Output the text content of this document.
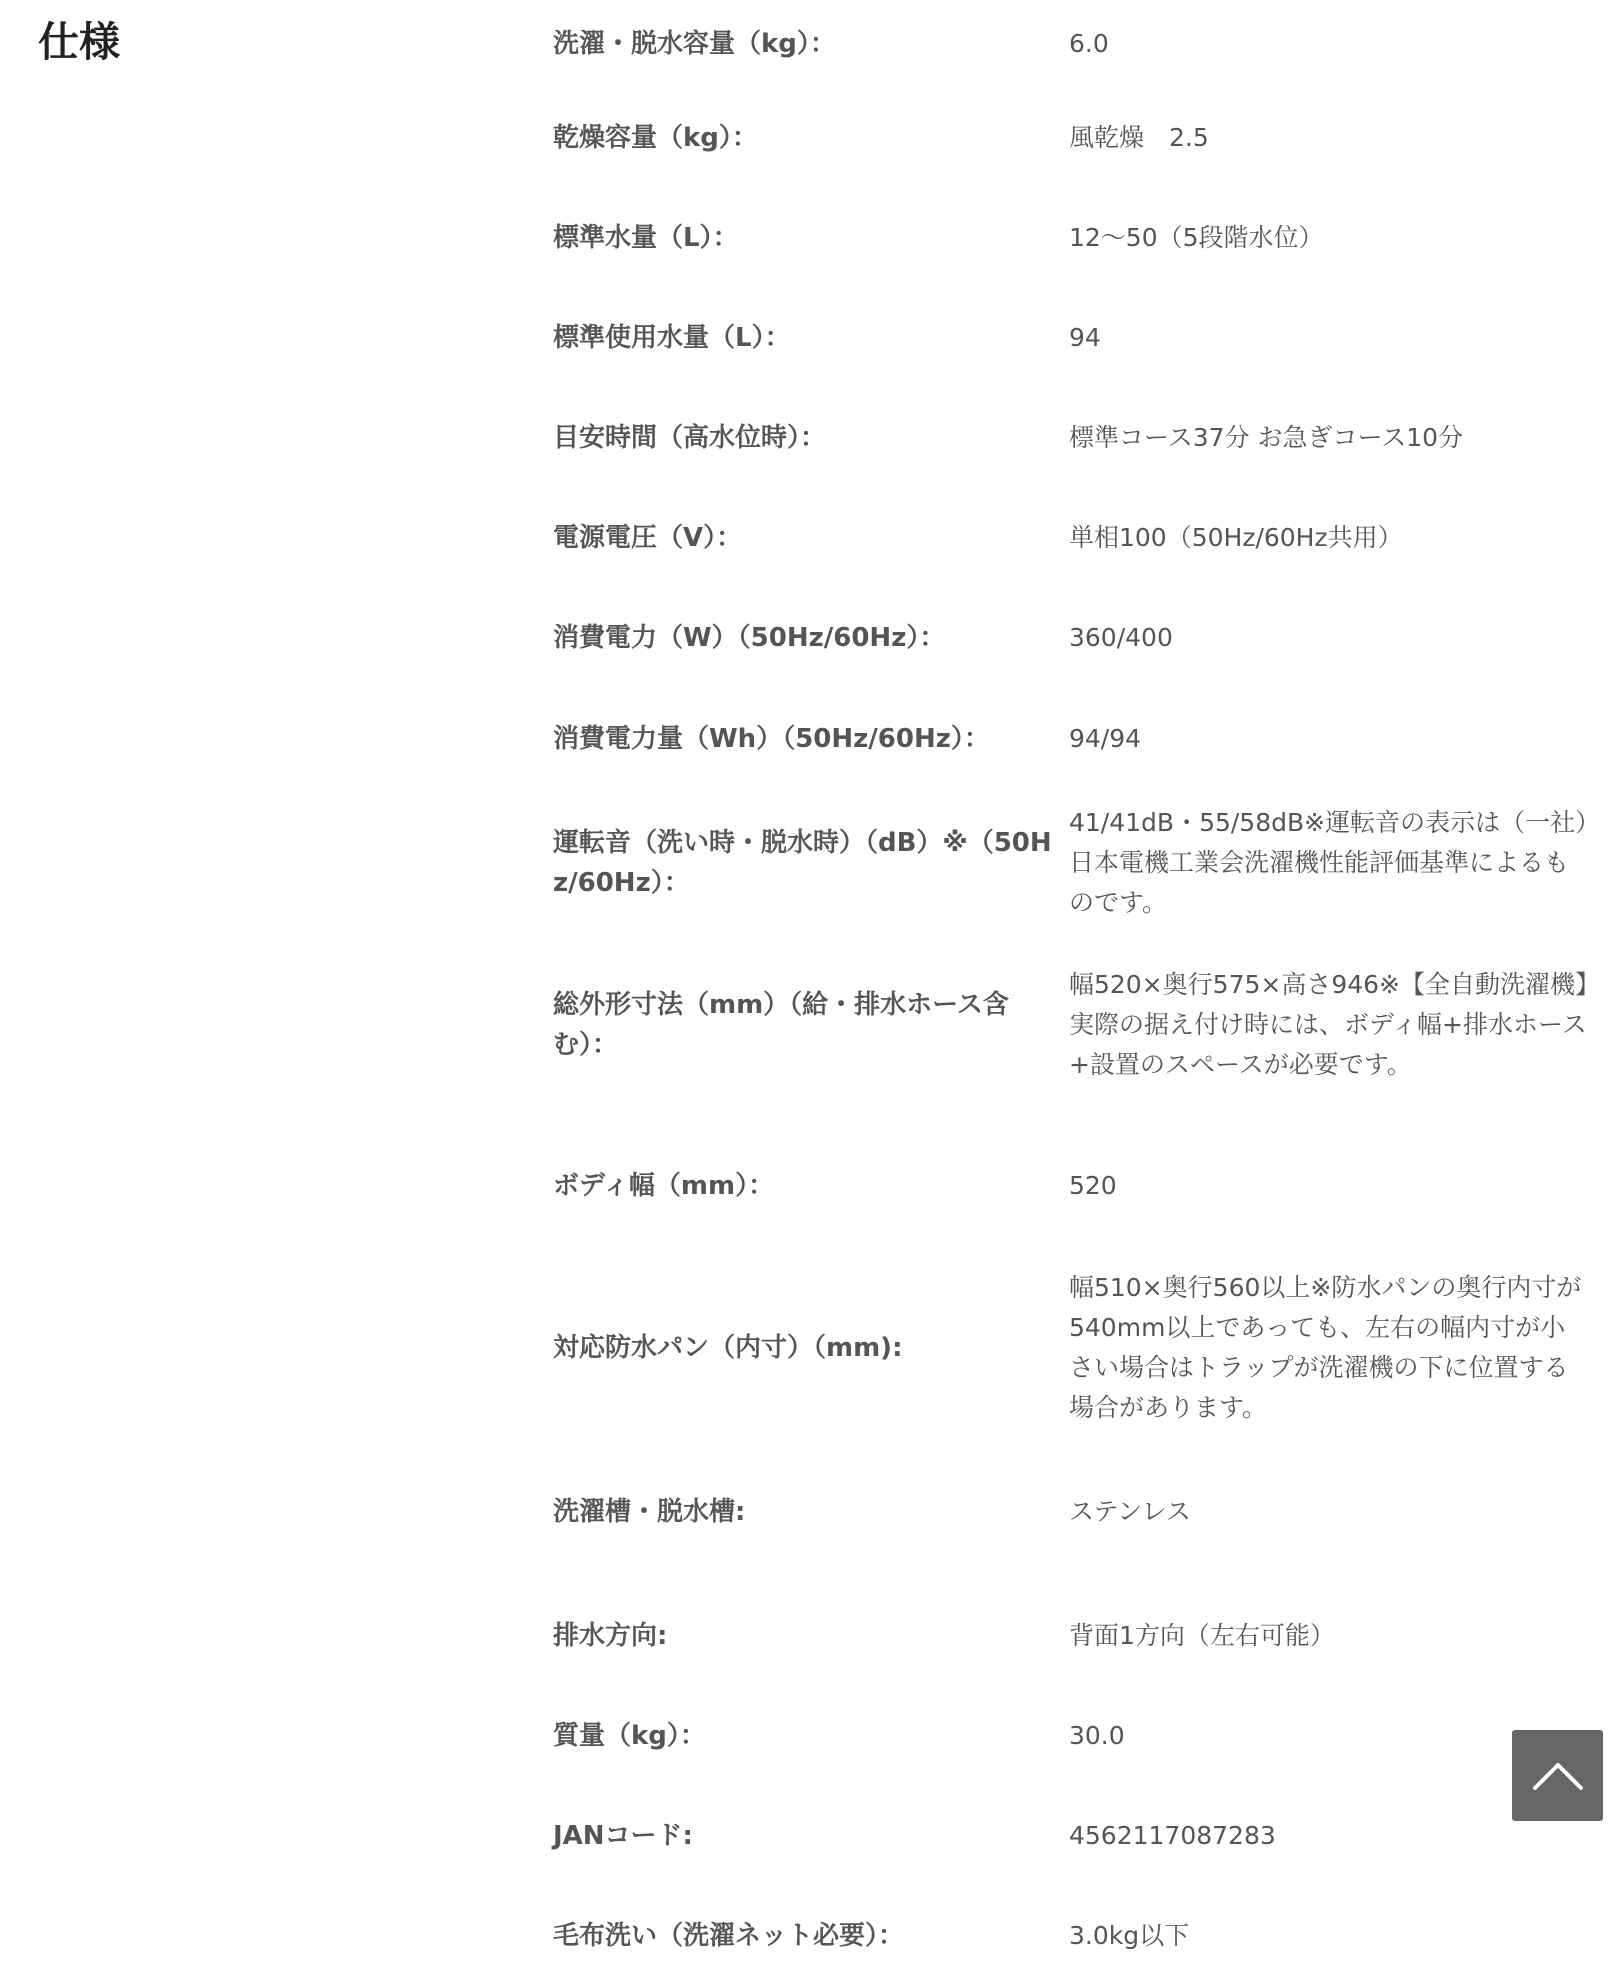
仕様	洗濯・脱水容量（kg）：	6.0
乾燥容量（kg）：	風乾燥　2.5
標準水量（L）：	12〜50（5段階水位）
標準使用水量（L）：	94
目安時間（高水位時）：	標準コース37分 お急ぎコース10分
電源電圧（V）：	単相100（50Hz/60Hz共用）
消費電力（W）（50Hz/60Hz）：	360/400
消費電力量（Wh）（50Hz/60Hz）：	94/94
運転音（洗い時・脱水時）（dB）※（50Hz/60Hz）：
41/41dB・55/58dB※運転音の表示は（一社）日本電機工業会洗濯機性能評価基準によるものです。
総外形寸法（mm）（給・排水ホース含む）：
幅520×奥行575×高さ946※【全自動洗濯機】実際の据え付け時には、ボディ幅+排水ホース+設置のスペースが必要です。
ボディ幅（mm）：	520
対応防水パン（内寸）（mm):
幅510×奥行560以上※防水パンの奥行内寸が540mm以上であっても、左右の幅内寸が小さい場合はトラップが洗濯機の下に位置する場合があります。
洗濯槽・脱水槽:	ステンレス
排水方向:	背面1方向（左右可能）
質量（kg）：	30.0
JANコード:	4562117087283
毛布洗い（洗濯ネット必要）：	3.0kg以下
